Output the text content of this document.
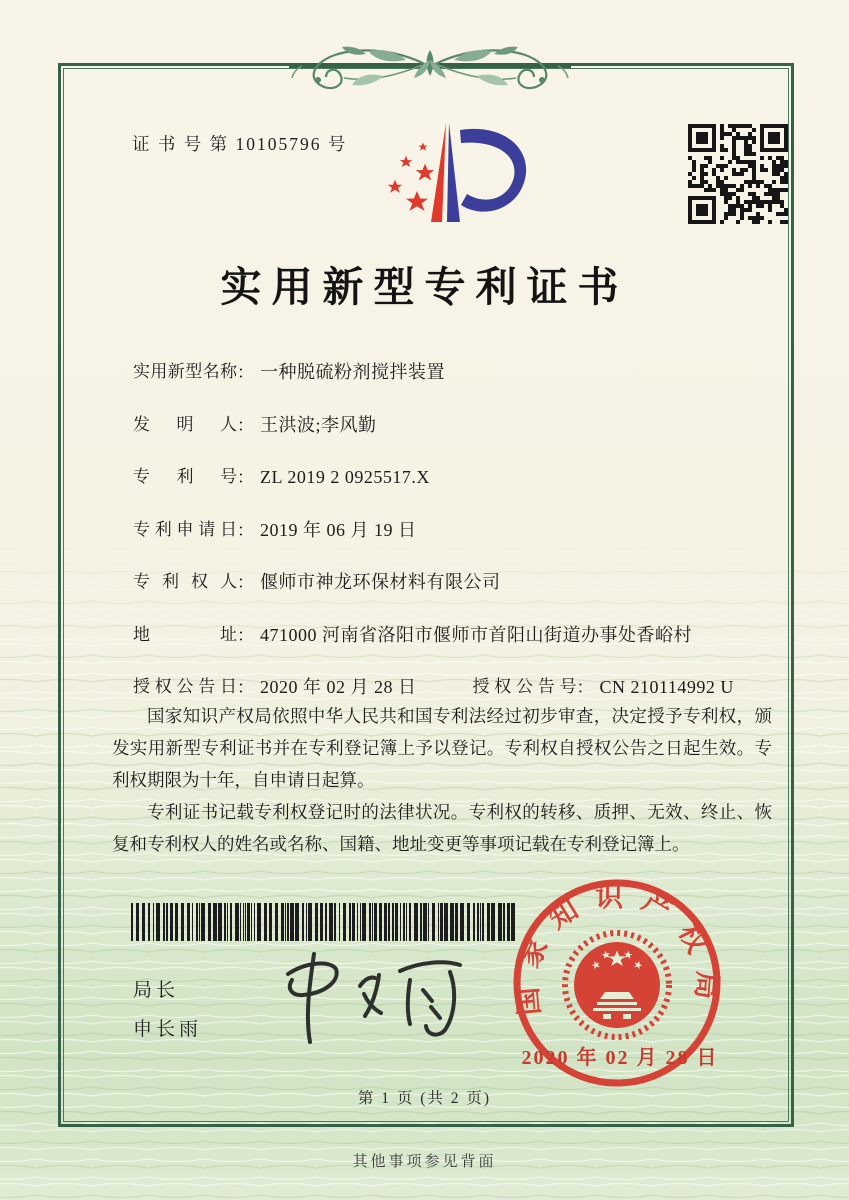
证 书 号 第 10105796 号
实用新型专利证书
实用新型名称： 一种脱硫粉剂搅拌装置
发明人： 王洪波;李风勤
专利号： ZL 2019 2 0925517.X
专利申请日： 2019 年 06 月 19 日
专利权人： 偃师市神龙环保材料有限公司
地址： 471000 河南省洛阳市偃师市首阳山街道办事处香峪村
授权公告日： 2020 年 02 月 28 日	授权公告号： CN 210114992 U

国家知识产权局依照中华人民共和国专利法经过初步审查，决定授予专利权，颁发实用新型专利证书并在专利登记簿上予以登记。专利权自授权公告之日起生效。专利权期限为十年，自申请日起算。

专利证书记载专利权登记时的法律状况。专利权的转移、质押、无效、终止、恢复和专利权人的姓名或名称、国籍、地址变更等事项记载在专利登记簿上。

局长
申长雨
国家知识产权局
2020 年 02 月 28 日
第 1 页 (共 2 页)
其他事项参见背面
